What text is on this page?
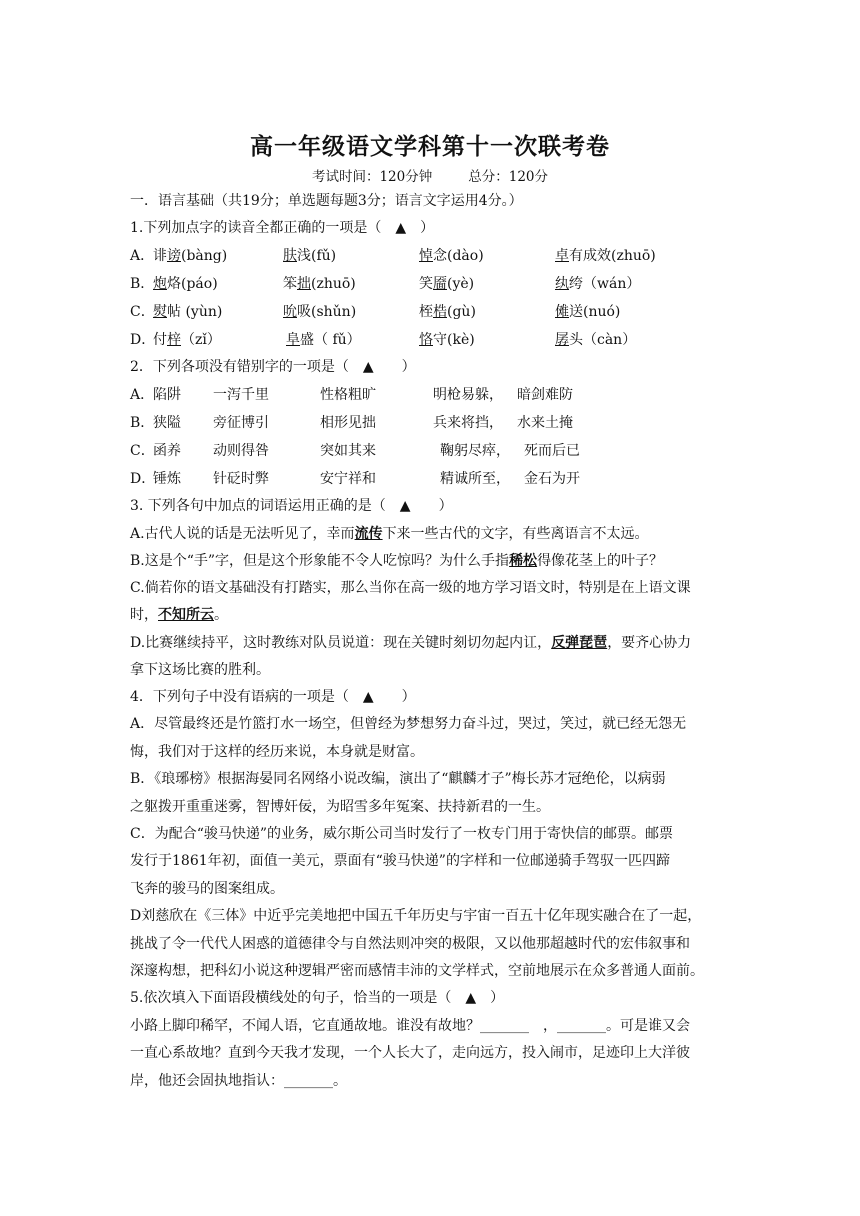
高一年级语文学科第十一次联考卷
考试时间：120分钟	总分：120分
一．语言基础（共19分；单选题每题3分；语言文字运用4分。）
1.下列加点字的读音全都正确的一项是（　▲　）
A．
诽谤(bàng)	肤浅(fǔ)	悼念(dào)	卓有成效(zhuō)
B．
炮烙(páo)	笨拙(zhuō)	笑靥(yè)	纨绔（wán）
C．
熨帖 (yùn)	吮吸(shǔn)	桎梏(gù)	傩送(nuó)
D．
付梓（zǐ）	阜盛（ fǔ）	恪守(kè)	孱头（càn）
2．下列各项没有错别字的一项是（　▲　　）
A．
陷阱 一泻千里	性格粗旷	明枪易躲， 暗剑难防
B．
狭隘 旁征博引	相形见拙	兵来将挡， 水来土掩
C．
函养 动则得咎	突如其来	鞠躬尽瘁， 死而后已
D．
锤炼 针砭时弊	安宁祥和	精诚所至， 金石为开
3. 下列各句中加点的词语运用正确的是（　▲　　）
A.古代人说的话是无法听见了，幸而流传下来一些古代的文字，有些离语言不太远。
B.这是个“手”字，但是这个形象能不令人吃惊吗？为什么手指稀松得像花茎上的叶子？
C.倘若你的语文基础没有打踏实，那么当你在高一级的地方学习语文时，特别是在上语文课
时，不知所云。
D.比赛继续持平，这时教练对队员说道：现在关键时刻切勿起内讧，反弹琵琶，要齐心协力
拿下这场比赛的胜利。
4．下列句子中没有语病的一项是（　▲　　）
A．尽管最终还是竹篮打水一场空，但曾经为梦想努力奋斗过，哭过，笑过，就已经无怨无
悔，我们对于这样的经历来说，本身就是财富。
B．《琅琊榜》根据海晏同名网络小说改编，演出了“麒麟才子”梅长苏才冠绝伦，以病弱
之躯拨开重重迷雾，智博奸佞，为昭雪多年冤案、扶持新君的一生。
C．为配合“骏马快递”的业务，威尔斯公司当时发行了一枚专门用于寄快信的邮票。邮票
发行于1861年初，面值一美元，票面有“骏马快递”的字样和一位邮递骑手驾驭一匹四蹄
飞奔的骏马的图案组成。
D刘慈欣在《三体》中近乎完美地把中国五千年历史与宇宙一百五十亿年现实融合在了一起，
挑战了令一代代人困惑的道德律令与自然法则冲突的极限，又以他那超越时代的宏伟叙事和
深邃构想，把科幻小说这种逻辑严密而感情丰沛的文学样式，空前地展示在众多普通人面前。
5.依次填入下面语段横线处的句子，恰当的一项是（　▲　）
小路上脚印稀罕，不闻人语，它直通故地。谁没有故地？_______　，_______。可是谁又会
一直心系故地？直到今天我才发现，一个人长大了，走向远方，投入闹市，足迹印上大洋彼
岸，他还会固执地指认：_______。
